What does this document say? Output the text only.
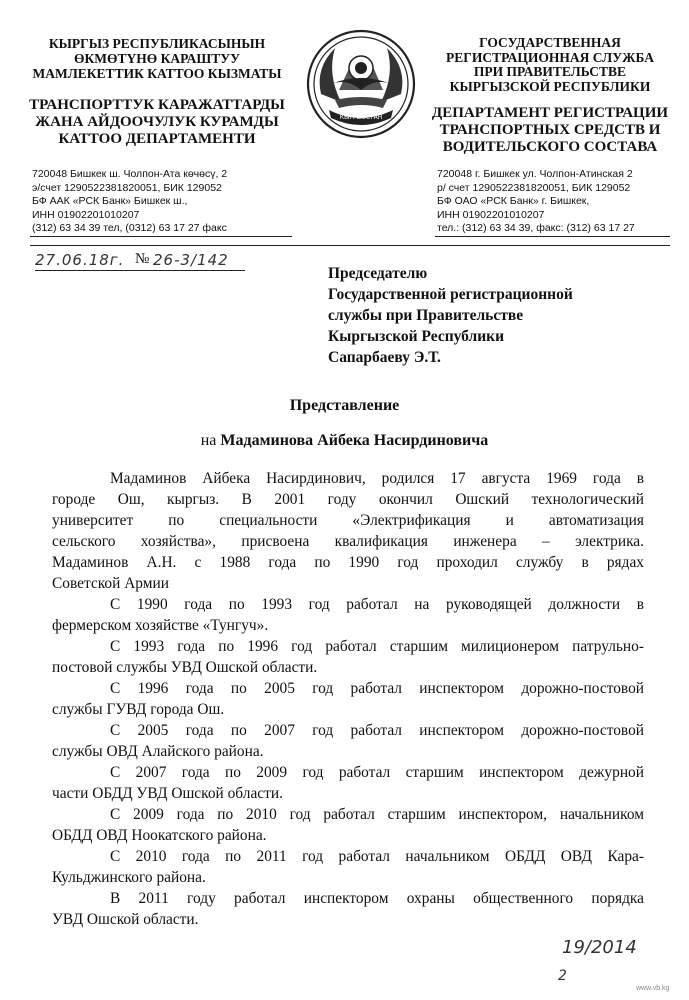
КЫРГЫЗ РЕСПУБЛИКАСЫНЫН
ӨКМӨТҮНӨ КАРАШТУУ
МАМЛЕКЕТТИК КАТТОО КЫЗМАТЫ
ТРАНСПОРТТУК КАРАЖАТТАРДЫ
ЖАНА АЙДООЧУЛУК КУРАМДЫ
КАТТОО ДЕПАРТАМЕНТИ
720048 Бишкек ш. Чолпон-Ата көчөсү, 2
э/счет 1290522381820051, БИК 129052
БФ ААК «РСК Банк» Бишкек ш.,
ИНН 01902201010207
(312) 63 34 39 тел, (0312) 63 17 27 факс
КЫРГЫЗСТАН
ГОСУДАРСТВЕННАЯ
РЕГИСТРАЦИОННАЯ СЛУЖБА
ПРИ ПРАВИТЕЛЬСТВЕ
КЫРГЫЗСКОЙ РЕСПУБЛИКИ
ДЕПАРТАМЕНТ РЕГИСТРАЦИИ
ТРАНСПОРТНЫХ СРЕДСТВ И
ВОДИТЕЛЬСКОГО СОСТАВА
720048 г. Бишкек ул. Чолпон-Атинская 2
р/ счет 1290522381820051, БИК 129052
БФ ОАО «РСК Банк» г. Бишкек,
ИНН 01902201010207
тел.: (312) 63 34 39, факс: (312) 63 17 27
27.06.18г. № 26-3/142
Председателю
Государственной регистрационной
службы при Правительстве
Кыргызской Республики
Сапарбаеву Э.Т.
Представление
на Мадаминова Айбека Насирдиновича
Мадаминов Айбека Насирдинович, родился 17 августа 1969 года в
городе Ош, кыргыз. В 2001 году окончил Ошский технологический
университет по специальности «Электрификация и автоматизация
сельского хозяйства», присвоена квалификация инженера – электрика.
Мадаминов А.Н. с 1988 года по 1990 год проходил службу в рядах
Советской Армии
С 1990 года по 1993 год работал на руководящей должности в
фермерском хозяйстве «Тунгуч».
С 1993 года по 1996 год работал старшим милиционером патрульно-
постовой службы УВД Ошской области.
С 1996 года по 2005 год работал инспектором дорожно-постовой
службы ГУВД города Ош.
С 2005 года по 2007 год работал инспектором дорожно-постовой
службы ОВД Алайского района.
С 2007 года по 2009 год работал старшим инспектором дежурной
части ОБДД УВД Ошской области.
С 2009 года по 2010 год работал старшим инспектором, начальником
ОБДД ОВД Ноокатского района.
С 2010 года по 2011 год работал начальником ОБДД ОВД Кара-
Кульджинского района.
В 2011 году работал инспектором охраны общественного порядка
УВД Ошской области.
19/2014
2
www.vb.kg
